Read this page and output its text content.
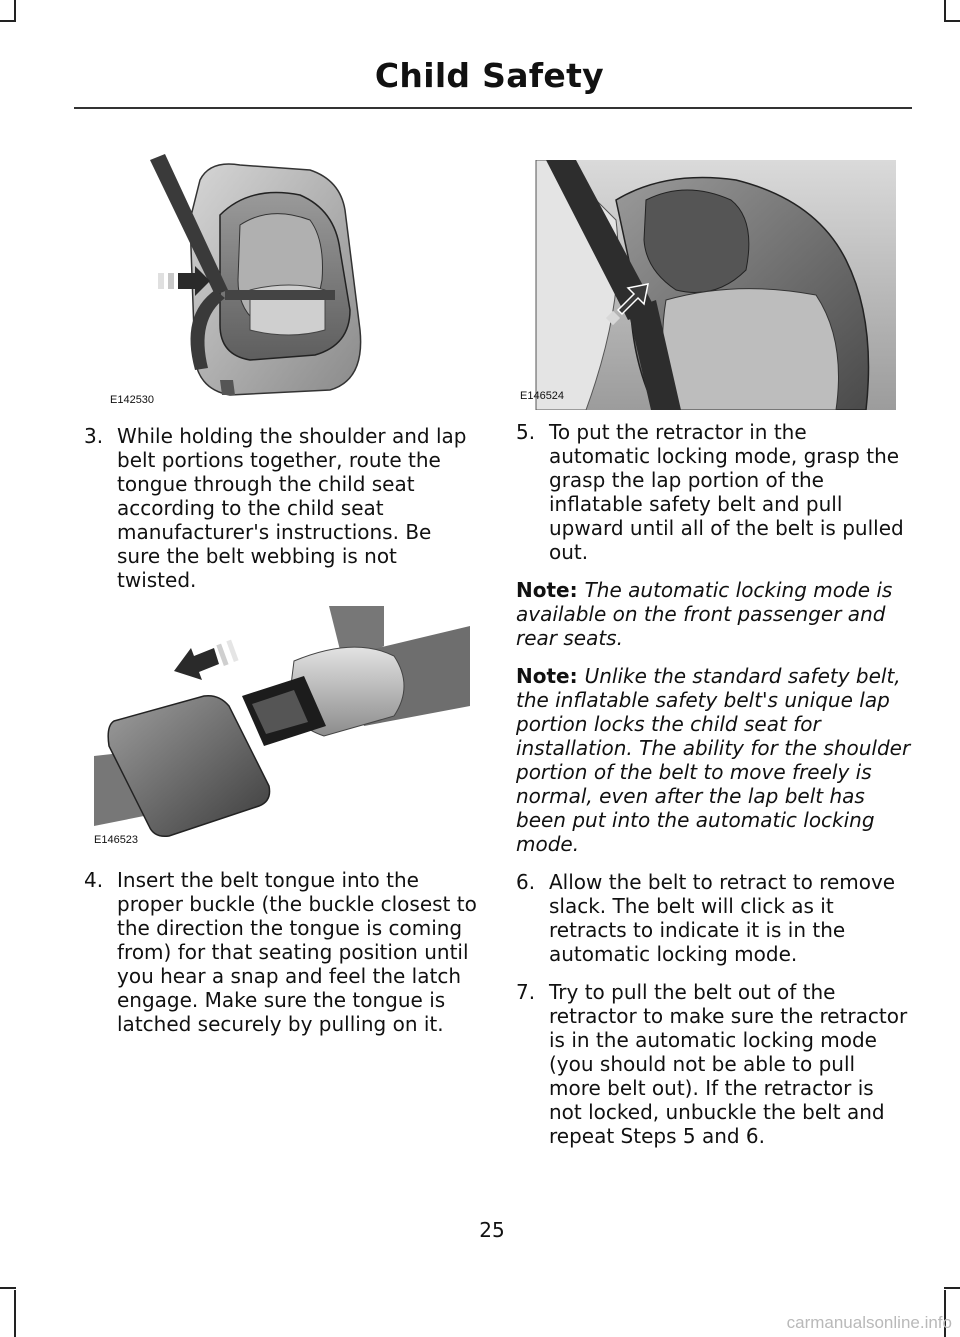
Child Safety
E142530	E146524
E146523
3. While holding the shoulder and lap belt portions together, route the tongue through the child seat according to the child seat manufacturer's instructions. Be sure the belt webbing is not twisted.
4. Insert the belt tongue into the proper buckle (the buckle closest to the direction the tongue is coming from) for that seating position until you hear a snap and feel the latch engage. Make sure the tongue is latched securely by pulling on it.
5. To put the retractor in the automatic locking mode, grasp the grasp the lap portion of the inflatable safety belt and pull upward until all of the belt is pulled out.

Note: The automatic locking mode is available on the front passenger and rear seats.

Note: Unlike the standard safety belt, the inflatable safety belt's unique lap portion locks the child seat for installation. The ability for the shoulder portion of the belt to move freely is normal, even after the lap belt has been put into the automatic locking mode.

6. Allow the belt to retract to remove slack. The belt will click as it retracts to indicate it is in the automatic locking mode.
7. Try to pull the belt out of the retractor to make sure the retractor is in the automatic locking mode (you should not be able to pull more belt out). If the retractor is not locked, unbuckle the belt and repeat Steps 5 and 6.
25
carmanualsonline.info
